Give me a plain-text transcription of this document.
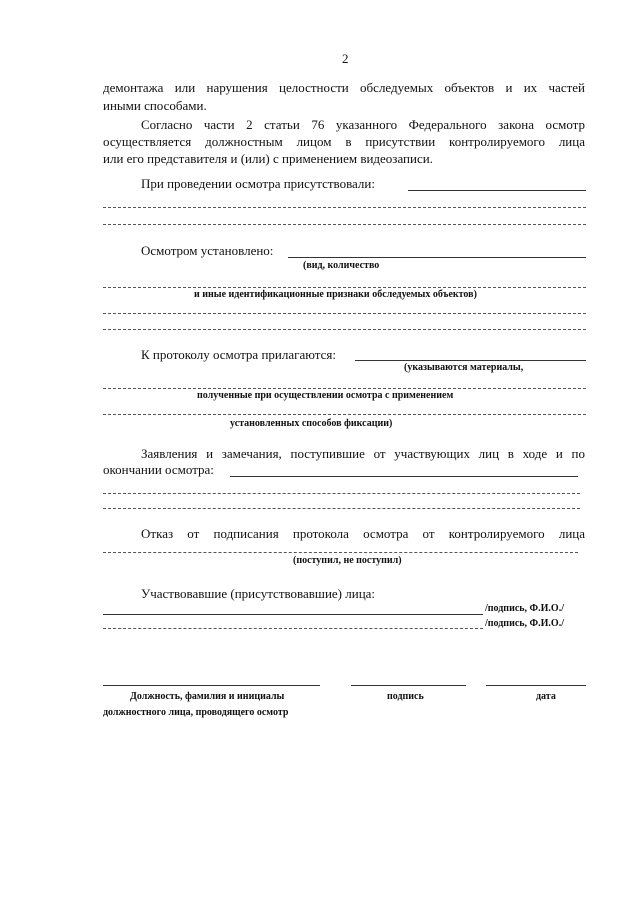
2
демонтажа или нарушения целостности обследуемых объектов и их частей
иными способами.
Согласно части 2 статьи 76 указанного Федерального закона осмотр
осуществляется должностным лицом в присутствии контролируемого лица
или его представителя и (или) с применением видеозаписи.
При проведении осмотра присутствовали:
Осмотром установлено:
(вид, количество
и иные идентификационные признаки обследуемых объектов)
К протоколу осмотра прилагаются:
(указываются материалы,
полученные при осуществлении осмотра с применением
установленных способов фиксации)
Заявления и замечания, поступившие от участвующих лиц в ходе и по
окончании осмотра:
Отказ от подписания протокола осмотра от контролируемого лица
(поступил, не поступил)
Участвовавшие (присутствовавшие) лица:
/подпись, Ф.И.О./
/подпись, Ф.И.О./
Должность, фамилия и инициалы
должностного лица, проводящего осмотр
подпись	дата
